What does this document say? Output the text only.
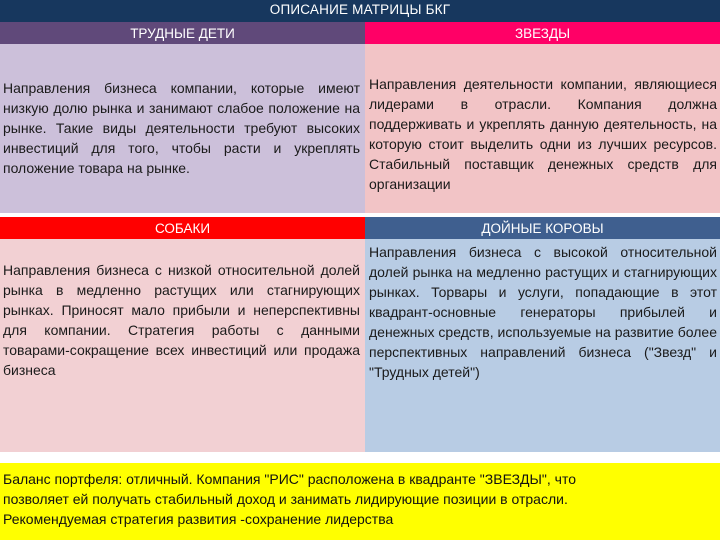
ОПИСАНИЕ МАТРИЦЫ БКГ
ТРУДНЫЕ ДЕТИ	ЗВЕЗДЫ
Направления бизнеса компании, которые имеют низкую долю рынка и занимают слабое положение на рынке. Такие виды деятельности требуют высоких инвестиций для того, чтобы расти и укреплять положение товара на рынке.
Направления деятельности компании, являющиеся лидерами в отрасли. Компания должна поддерживать и укреплять данную деятельность, на которую стоит выделить одни из лучших ресурсов. Стабильный поставщик денежных средств для организации
СОБАКИ	ДОЙНЫЕ КОРОВЫ
Направления бизнеса с низкой относительной долей рынка в медленно растущих или стагнирующих рынках. Приносят мало прибыли и неперспективны для компании. Стратегия работы с данными товарами-сокращение всех инвестиций или продажа бизнеса
Направления бизнеса с высокой относительной долей рынка на медленно растущих и стагнирующих рынках. Торвары и услуги, попадающие в этот квадрант-основные генераторы прибылей и денежных средств, используемые на развитие более перспективных направлений бизнеса ("Звезд" и "Трудных детей")
Баланс портфеля: отличный. Компания "РИС" расположена в квадранте "ЗВЕЗДЫ", что
позволяет ей получать стабильный доход и занимать лидирующие позиции в отрасли.
Рекомендуемая стратегия развития -сохранение лидерства
